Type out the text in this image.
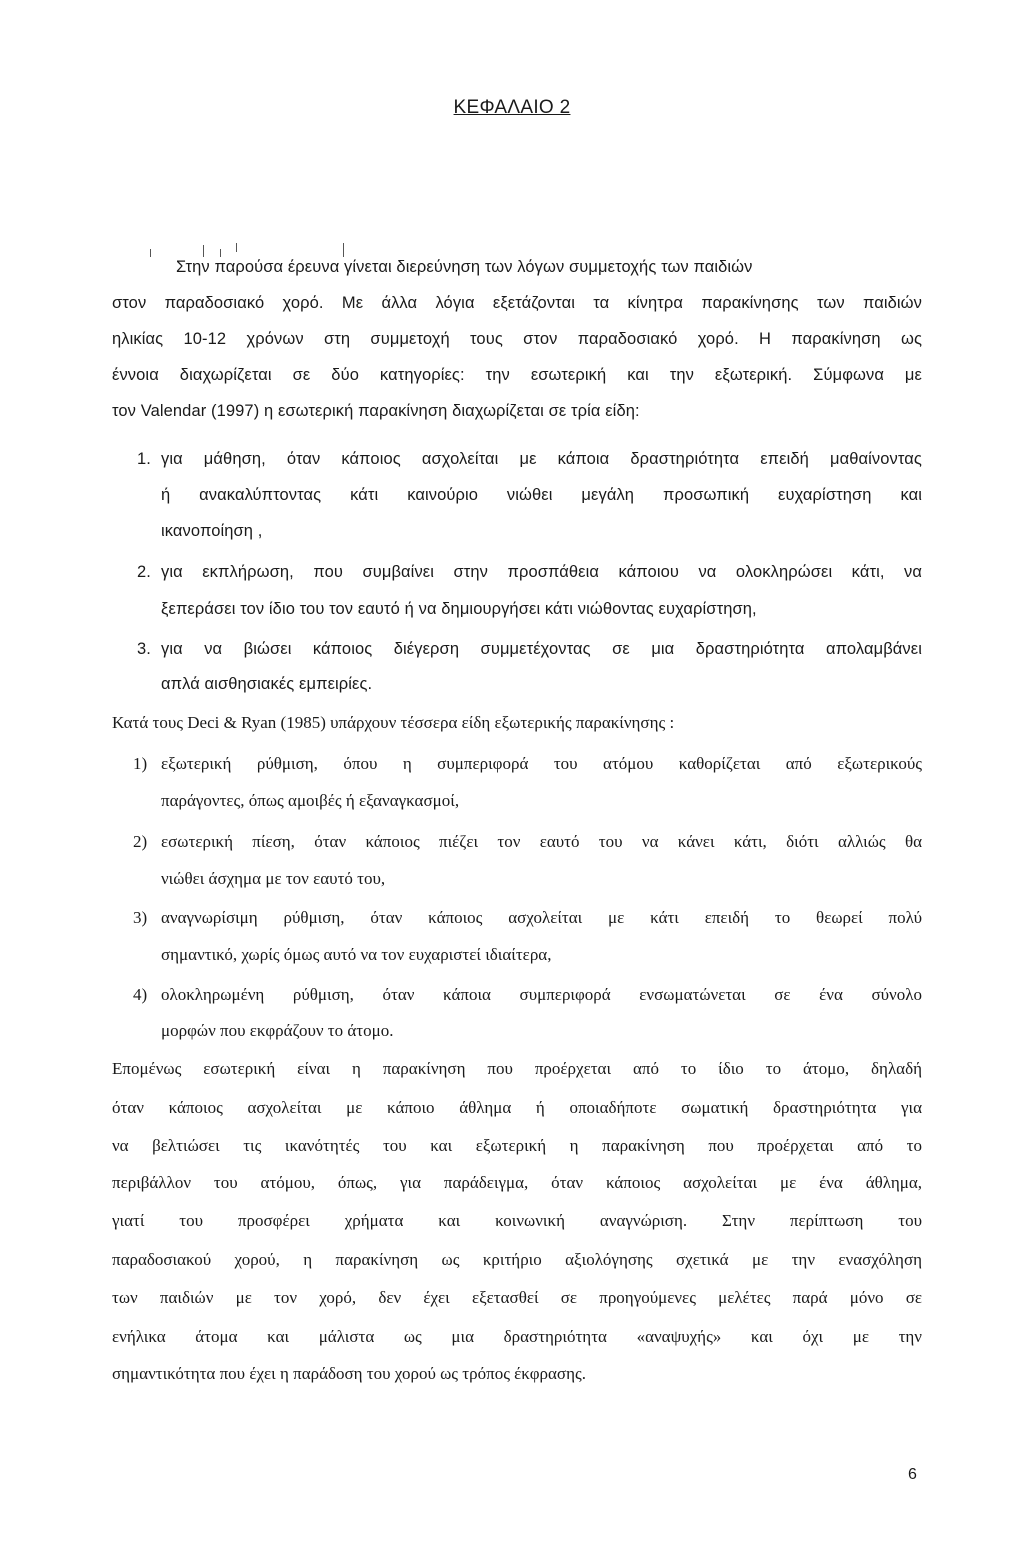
ΚΕΦΑΛΑΙΟ 2
Στην παρούσα έρευνα γίνεται διερεύνηση των λόγων συμμετοχής των παιδιών
στον παραδοσιακό χορό. Με άλλα λόγια εξετάζονται τα κίνητρα παρακίνησης των παιδιών
ηλικίας 10-12 χρόνων στη συμμετοχή τους στον παραδοσιακό χορό. Η παρακίνηση ως
έννοια διαχωρίζεται σε δύο κατηγορίες: την εσωτερική και την εξωτερική. Σύμφωνα με
τον Valendar (1997) η εσωτερική παρακίνηση διαχωρίζεται σε τρία είδη:
1. για μάθηση, όταν κάποιος ασχολείται με κάποια δραστηριότητα επειδή μαθαίνοντας
ή ανακαλύπτοντας κάτι καινούριο νιώθει μεγάλη προσωπική ευχαρίστηση και
ικανοποίηση ,
2. για εκπλήρωση, που συμβαίνει στην προσπάθεια κάποιου να ολοκληρώσει κάτι, να
ξεπεράσει τον ίδιο του τον εαυτό ή να δημιουργήσει κάτι νιώθοντας ευχαρίστηση,
3. για να βιώσει κάποιος διέγερση συμμετέχοντας σε μια δραστηριότητα απολαμβάνει
απλά αισθησιακές εμπειρίες.
Κατά τους Deci & Ryan (1985) υπάρχουν τέσσερα είδη εξωτερικής παρακίνησης :
1) εξωτερική ρύθμιση, όπου η συμπεριφορά του ατόμου καθορίζεται από εξωτερικούς
παράγοντες, όπως αμοιβές ή εξαναγκασμοί,
2) εσωτερική πίεση, όταν κάποιος πιέζει τον εαυτό του να κάνει κάτι, διότι αλλιώς θα
νιώθει άσχημα με τον εαυτό του,
3) αναγνωρίσιμη ρύθμιση, όταν κάποιος ασχολείται με κάτι επειδή το θεωρεί πολύ
σημαντικό, χωρίς όμως αυτό να τον ευχαριστεί ιδιαίτερα,
4) ολοκληρωμένη ρύθμιση, όταν κάποια συμπεριφορά ενσωματώνεται σε ένα σύνολο
μορφών που εκφράζουν το άτομο.
Επομένως εσωτερική είναι η παρακίνηση που προέρχεται από το ίδιο το άτομο, δηλαδή
όταν κάποιος ασχολείται με κάποιο άθλημα ή οποιαδήποτε σωματική δραστηριότητα για
να βελτιώσει τις ικανότητές του και εξωτερική η παρακίνηση που προέρχεται από το
περιβάλλον του ατόμου, όπως, για παράδειγμα, όταν κάποιος ασχολείται με ένα άθλημα,
γιατί του προσφέρει χρήματα και κοινωνική αναγνώριση. Στην περίπτωση του
παραδοσιακού χορού, η παρακίνηση ως κριτήριο αξιολόγησης σχετικά με την ενασχόληση
των παιδιών με τον χορό, δεν έχει εξετασθεί σε προηγούμενες μελέτες παρά μόνο σε
ενήλικα άτομα και μάλιστα ως μια δραστηριότητα «αναψυχής» και όχι με την
σημαντικότητα που έχει η παράδοση του χορού ως τρόπος έκφρασης.
6
